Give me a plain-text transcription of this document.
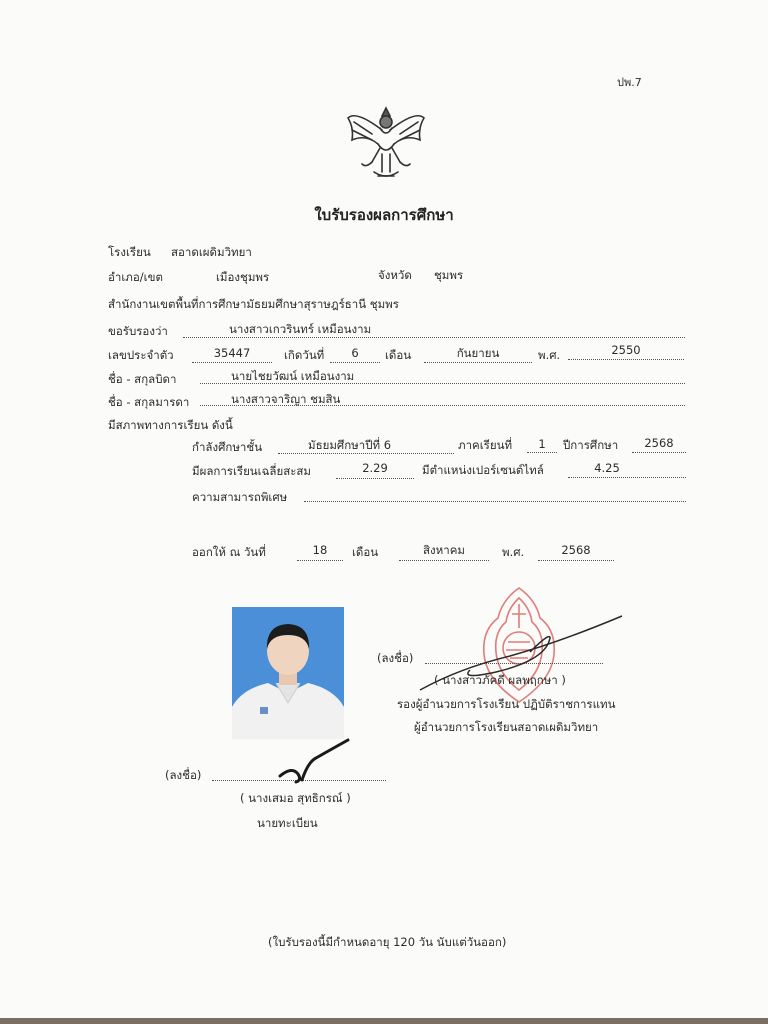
ปพ.7
ใบรับรองผลการศึกษา
โรงเรียน สอาดเผดิมวิทยา
อำเภอ/เขต	เมืองชุมพร	จังหวัด ชุมพร
สำนักงานเขตพื้นที่การศึกษามัธยมศึกษาสุราษฎร์ธานี ชุมพร
ขอรับรองว่า	นางสาวเกวรินทร์ เหมือนงาม
เลขประจำตัว	35447	เกิดวันที่	6	เดือน	กันยายน	พ.ศ.	2550
ชื่อ - สกุลบิดา	นายไชยวัฒน์ เหมือนงาม
ชื่อ - สกุลมารดา	นางสาวจาริญา ชมสิน
มีสภาพทางการเรียน ดังนี้
กำลังศึกษาชั้น	มัธยมศึกษาปีที่ 6	ภาคเรียนที่	1	ปีการศึกษา	2568
มีผลการเรียนเฉลี่ยสะสม	2.29	มีตำแหน่งเปอร์เซนต์ไทล์	4.25
ความสามารถพิเศษ
ออกให้ ณ วันที่	18	เดือน	สิงหาคม	พ.ศ.	2568
(ลงชื่อ)
( นางสาวภัคดี ผลพฤกษา )
รองผู้อำนวยการโรงเรียน ปฏิบัติราชการแทน
ผู้อำนวยการโรงเรียนสอาดเผดิมวิทยา
(ลงชื่อ)
( นางเสมอ สุทธิกรณ์ )
นายทะเบียน
(ใบรับรองนี้มีกำหนดอายุ 120 วัน นับแต่วันออก)
